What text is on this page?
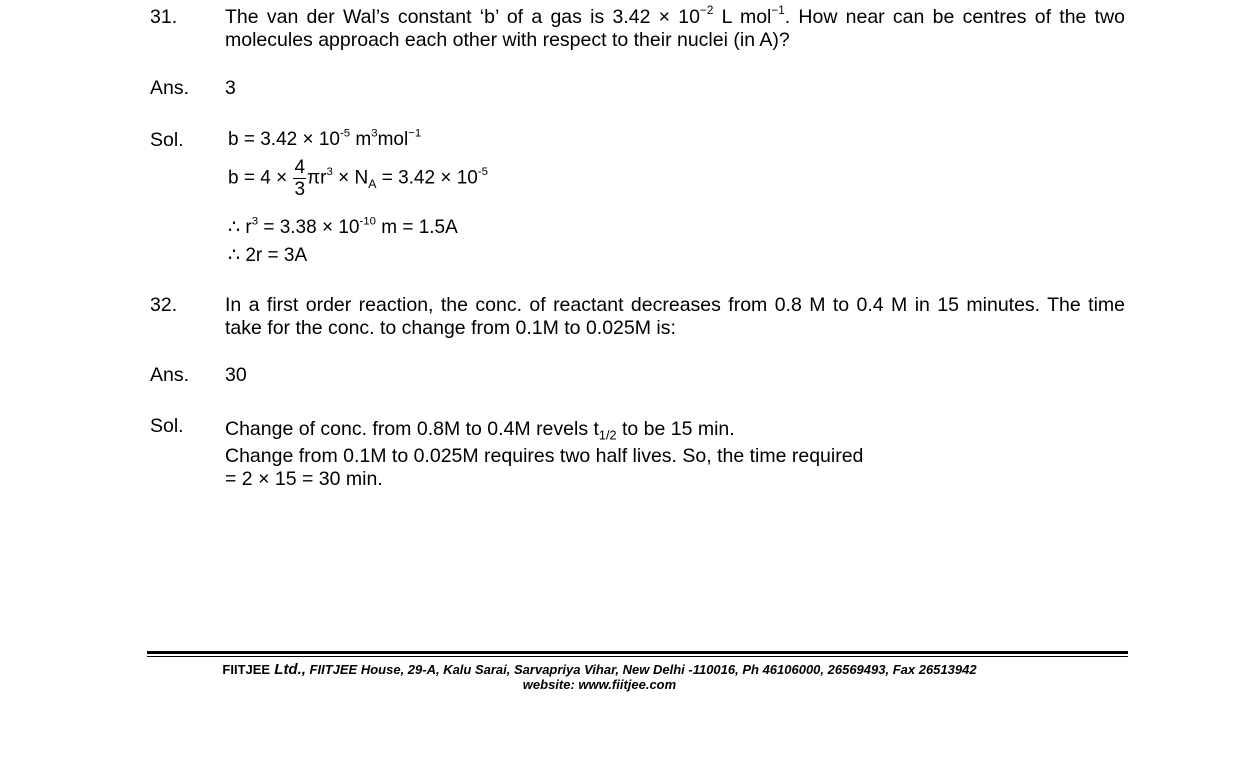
31. The van der Wal’s constant ‘b’ of a gas is $3.42 \times 10^{-2}$ L mol$^{-1}$. How near can be centres of the two molecules approach each other with respect to their nuclei (in A)?
Ans. 3
Sol. $b = 3.42 \times 10^{-5}$ $m^3mol^{-1}$
$b = 4 \times \frac{4}{3} \pi r^3 \times N_A = 3.42 \times 10^{-5}$
∴ $r^3 = 3.38 \times 10^{-10}$ m = 1.5A
∴ 2r = 3A
32. In a first order reaction, the conc. of reactant decreases from 0.8 M to 0.4 M in 15 minutes. The time take for the conc. to change from 0.1M to 0.025M is:
Ans. 30
Sol. Change of conc. from 0.8M to 0.4M revels $t_{1/2}$ to be 15 min.
Change from 0.1M to 0.025M requires two half lives. So, the time required
= 2 × 15 = 30 min.
FIITJEE Ltd., FIITJEE House, 29-A, Kalu Sarai, Sarvapriya Vihar, New Delhi -110016, Ph 46106000, 26569493, Fax 26513942
website: www.fiitjee.com
